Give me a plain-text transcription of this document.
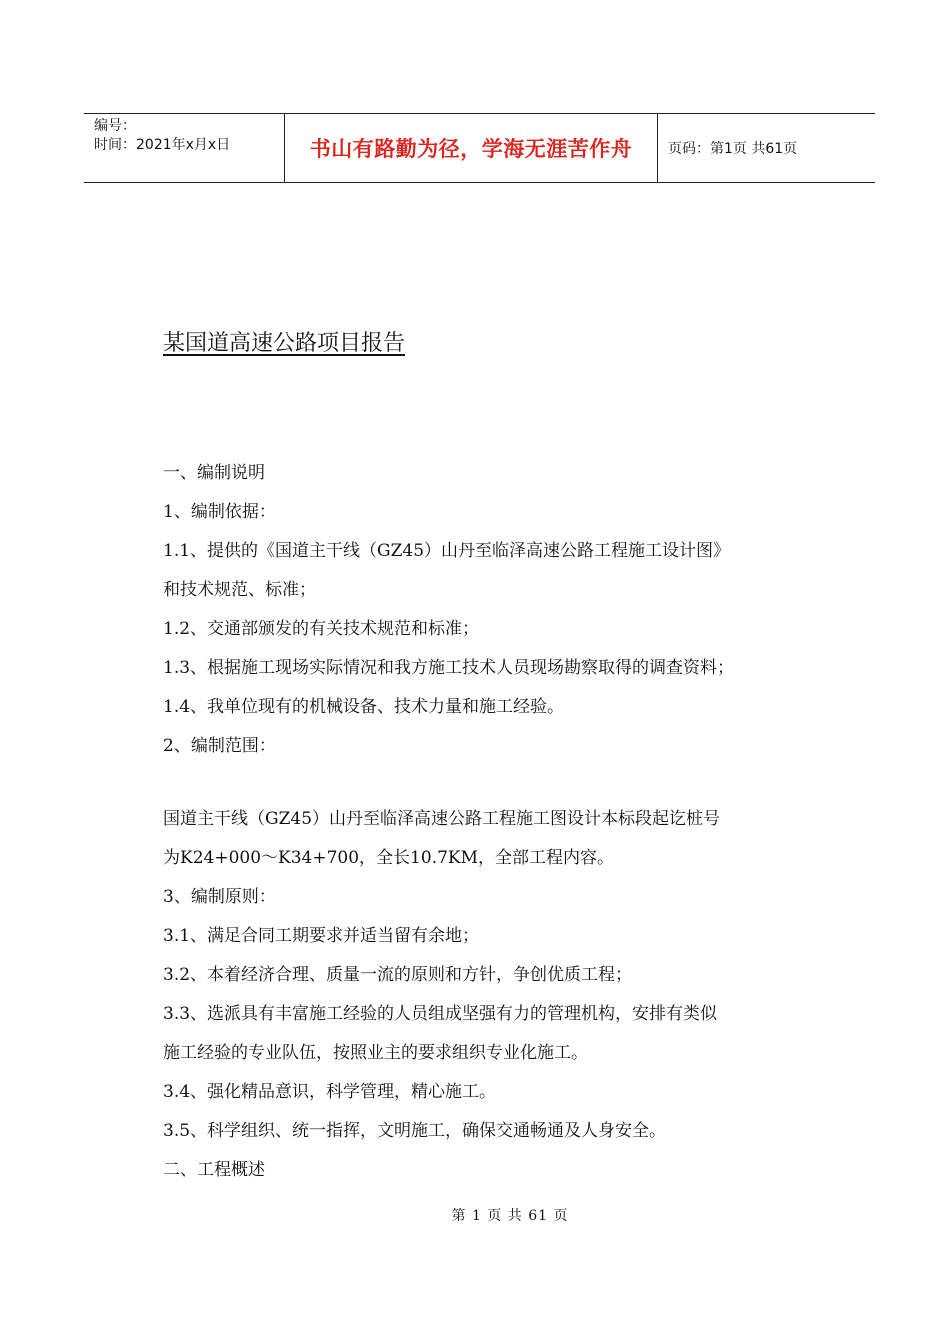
编号：
时间：2021年x月x日	书山有路勤为径，学海无涯苦作舟	页码：第1页 共61页
某国道高速公路项目报告

一、编制说明

1、编制依据：

1.1、提供的《国道主干线（GZ45）山丹至临泽高速公路工程施工设计图》

和技术规范、标准；

1.2、交通部颁发的有关技术规范和标准；

1.3、根据施工现场实际情况和我方施工技术人员现场勘察取得的调查资料；

1.4、我单位现有的机械设备、技术力量和施工经验。

2、编制范围：

国道主干线（GZ45）山丹至临泽高速公路工程施工图设计本标段起讫桩号

为K24+000～K34+700，全长10.7KM，全部工程内容。

3、编制原则：

3.1、满足合同工期要求并适当留有余地；

3.2、本着经济合理、质量一流的原则和方针，争创优质工程；

3.3、选派具有丰富施工经验的人员组成坚强有力的管理机构，安排有类似

施工经验的专业队伍，按照业主的要求组织专业化施工。

3.4、强化精品意识，科学管理，精心施工。

3.5、科学组织、统一指挥，文明施工，确保交通畅通及人身安全。

二、工程概述

第 1 页 共 61 页
